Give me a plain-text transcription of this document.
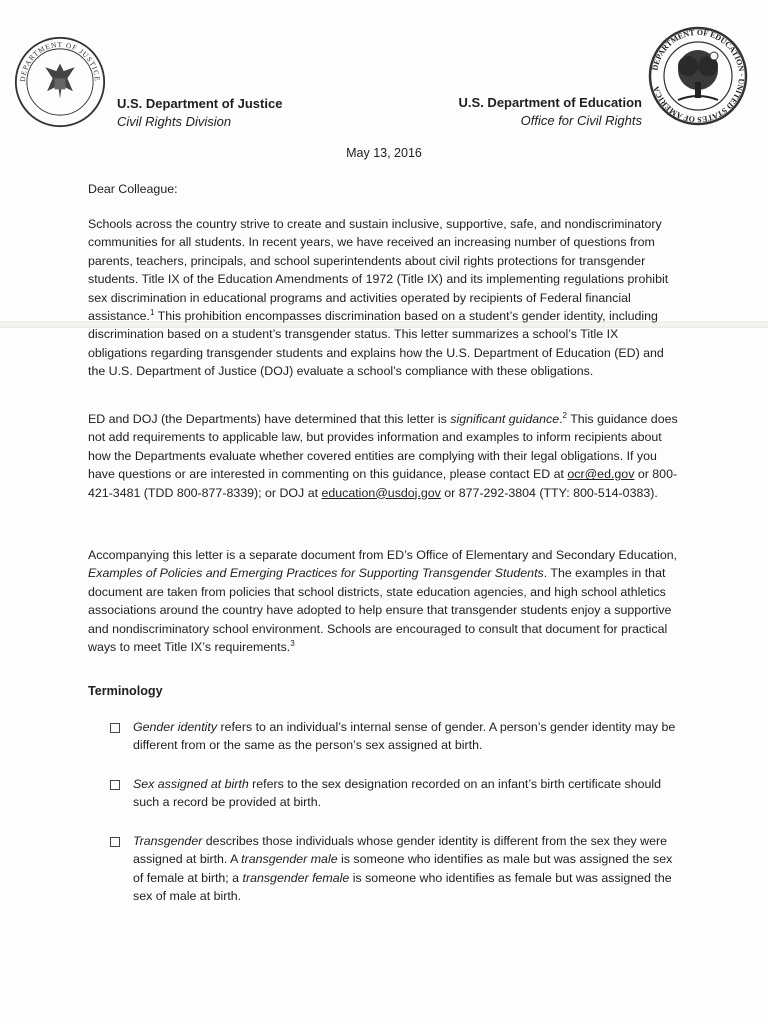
DEPARTMENT OF JUSTICE
DEPARTMENT OF EDUCATION · UNITED STATES OF AMERICA
U.S. Department of Justice
Civil Rights Division
U.S. Department of Education
Office for Civil Rights
May 13, 2016
Dear Colleague:

Schools across the country strive to create and sustain inclusive, supportive, safe, and nondiscriminatory communities for all students. In recent years, we have received an increasing number of questions from parents, teachers, principals, and school superintendents about civil rights protections for transgender students. Title IX of the Education Amendments of 1972 (Title IX) and its implementing regulations prohibit sex discrimination in educational programs and activities operated by recipients of Federal financial assistance.$^1$ This prohibition encompasses discrimination based on a student’s gender identity, including discrimination based on a student’s transgender status. This letter summarizes a school’s Title IX obligations regarding transgender students and explains how the U.S. Department of Education (ED) and the U.S. Department of Justice (DOJ) evaluate a school’s compliance with these obligations.

ED and DOJ (the Departments) have determined that this letter is significant guidance.$^2$ This guidance does not add requirements to applicable law, but provides information and examples to inform recipients about how the Departments evaluate whether covered entities are complying with their legal obligations. If you have questions or are interested in commenting on this guidance, please contact ED at ocr@ed.gov or 800-421-3481 (TDD 800-877-8339); or DOJ at education@usdoj.gov or 877-292-3804 (TTY: 800-514-0383).

Accompanying this letter is a separate document from ED’s Office of Elementary and Secondary Education, Examples of Policies and Emerging Practices for Supporting Transgender Students. The examples in that document are taken from policies that school districts, state education agencies, and high school athletics associations around the country have adopted to help ensure that transgender students enjoy a supportive and nondiscriminatory school environment. Schools are encouraged to consult that document for practical ways to meet Title IX’s requirements.$^3$

Terminology
Gender identity refers to an individual’s internal sense of gender. A person’s gender identity may be different from or the same as the person’s sex assigned at birth.
Sex assigned at birth refers to the sex designation recorded on an infant’s birth certificate should such a record be provided at birth.
Transgender describes those individuals whose gender identity is different from the sex they were assigned at birth. A transgender male is someone who identifies as male but was assigned the sex of female at birth; a transgender female is someone who identifies as female but was assigned the sex of male at birth.
